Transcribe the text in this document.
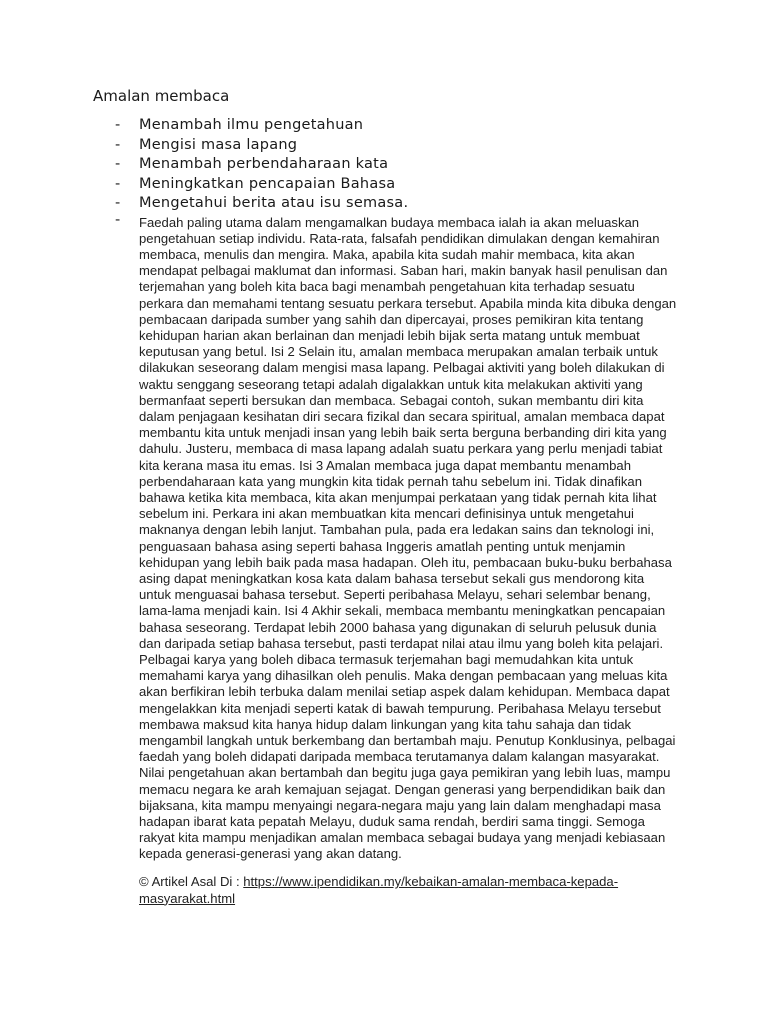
Amalan membaca
- Menambah ilmu pengetahuan
- Mengisi masa lapang
- Menambah perbendaharaan kata
- Meningkatkan pencapaian Bahasa
- Mengetahui berita atau isu semasa.
- Faedah paling utama dalam mengamalkan budaya membaca ialah ia akan meluaskan pengetahuan setiap individu. Rata-rata, falsafah pendidikan dimulakan dengan kemahiran membaca, menulis dan mengira. Maka, apabila kita sudah mahir membaca, kita akan mendapat pelbagai maklumat dan informasi. Saban hari, makin banyak hasil penulisan dan terjemahan yang boleh kita baca bagi menambah pengetahuan kita terhadap sesuatu perkara dan memahami tentang sesuatu perkara tersebut. Apabila minda kita dibuka dengan pembacaan daripada sumber yang sahih dan dipercayai, proses pemikiran kita tentang kehidupan harian akan berlainan dan menjadi lebih bijak serta matang untuk membuat keputusan yang betul. Isi 2 Selain itu, amalan membaca merupakan amalan terbaik untuk dilakukan seseorang dalam mengisi masa lapang. Pelbagai aktiviti yang boleh dilakukan di waktu senggang seseorang tetapi adalah digalakkan untuk kita melakukan aktiviti yang bermanfaat seperti bersukan dan membaca. Sebagai contoh, sukan membantu diri kita dalam penjagaan kesihatan diri secara fizikal dan secara spiritual, amalan membaca dapat membantu kita untuk menjadi insan yang lebih baik serta berguna berbanding diri kita yang dahulu. Justeru, membaca di masa lapang adalah suatu perkara yang perlu menjadi tabiat kita kerana masa itu emas. Isi 3 Amalan membaca juga dapat membantu menambah perbendaharaan kata yang mungkin kita tidak pernah tahu sebelum ini. Tidak dinafikan bahawa ketika kita membaca, kita akan menjumpai perkataan yang tidak pernah kita lihat sebelum ini. Perkara ini akan membuatkan kita mencari definisinya untuk mengetahui maknanya dengan lebih lanjut. Tambahan pula, pada era ledakan sains dan teknologi ini, penguasaan bahasa asing seperti bahasa Inggeris amatlah penting untuk menjamin kehidupan yang lebih baik pada masa hadapan. Oleh itu, pembacaan buku-buku berbahasa asing dapat meningkatkan kosa kata dalam bahasa tersebut sekali gus mendorong kita untuk menguasai bahasa tersebut. Seperti peribahasa Melayu, sehari selembar benang, lama-lama menjadi kain. Isi 4 Akhir sekali, membaca membantu meningkatkan pencapaian bahasa seseorang. Terdapat lebih 2000 bahasa yang digunakan di seluruh pelusuk dunia dan daripada setiap bahasa tersebut, pasti terdapat nilai atau ilmu yang boleh kita pelajari. Pelbagai karya yang boleh dibaca termasuk terjemahan bagi memudahkan kita untuk memahami karya yang dihasilkan oleh penulis. Maka dengan pembacaan yang meluas kita akan berfikiran lebih terbuka dalam menilai setiap aspek dalam kehidupan. Membaca dapat mengelakkan kita menjadi seperti katak di bawah tempurung. Peribahasa Melayu tersebut membawa maksud kita hanya hidup dalam linkungan yang kita tahu sahaja dan tidak mengambil langkah untuk berkembang dan bertambah maju. Penutup Konklusinya, pelbagai faedah yang boleh didapati daripada membaca terutamanya dalam kalangan masyarakat. Nilai pengetahuan akan bertambah dan begitu juga gaya pemikiran yang lebih luas, mampu memacu negara ke arah kemajuan sejagat. Dengan generasi yang berpendidikan baik dan bijaksana, kita mampu menyaingi negara-negara maju yang lain dalam menghadapi masa hadapan ibarat kata pepatah Melayu, duduk sama rendah, berdiri sama tinggi. Semoga rakyat kita mampu menjadikan amalan membaca sebagai budaya yang menjadi kebiasaan kepada generasi-generasi yang akan datang.
© Artikel Asal Di : https://www.ipendidikan.my/kebaikan-amalan-membaca-kepada-masyarakat.html
